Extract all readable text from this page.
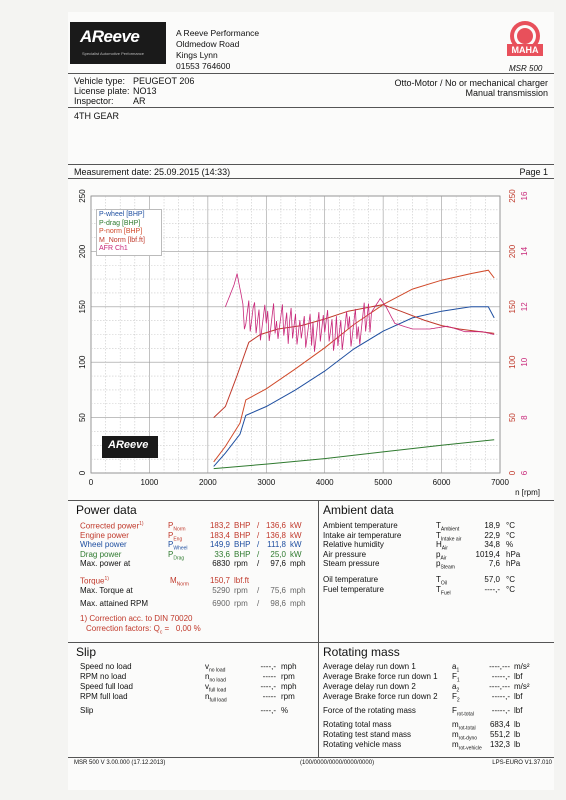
AReeve
Specialist Automotive Performance
A Reeve Performance
Oldmedow Road
Kings Lynn
01553 764600
MAHA
MSR 500
Vehicle type: PEUGEOT 206
License plate: NO13
Inspector: AR
Otto-Motor / No or mechanical charger
Manual transmission
4TH GEAR
Measurement date: 25.09.2015 (14:33)	Page 1
0	1000	2000	3000	4000	5000	6000	7000
n [rpm]
0
50
100
150
200
250
0
50
100
150
200
250
6
8
10
12
14
16
P-wheel [BHP]
P-drag [BHP]
P-norm [BHP]
M_Norm [lbf.ft]
AFR Ch1
AReeve
Power data
Corrected power$^{1)}$	$P_{Norm}$	183,2 BHP / 136,6 kW
Engine power	$P_{Eng}$	183,4 BHP / 136,8 kW
Wheel power	$P_{Wheel}$	149,9 BHP / 111,8 kW
Drag power	$P_{Drag}$	33,6 BHP /	25,0 kW
Max. power at	6830 rpm /	97,6 mph
Torque$^{1)}$	$M_{Norm}$	150,7 lbf.ft
Max. Torque at	5290 rpm /	75,6 mph
Max. attained RPM	6900 rpm /	98,6 mph
1) Correction acc. to DIN 70020
Correction factors: $Q_c = 0,00$ %
Ambient data
Ambient temperature	$T_{Ambient}$	18,9 °C
Intake air temperature	$T_{Intake air}$	22,9 °C
Relative humidity	$H_{Air}$	34,8 %
Air pressure	$p_{Air}$	1019,4 hPa
Steam pressure	$p_{Steam}$	7,6 hPa
Oil temperature	$T_{Oil}$	57,0 °C
Fuel temperature	$T_{Fuel}$	----,- °C
Slip
Speed no load	$v_{no load}$	----,- mph
RPM no load	$n_{no load}$	----- rpm
Speed full load	$v_{full load}$	----,- mph
RPM full load	$n_{full load}$	----- rpm
Slip	----,- %
Rotating mass
Average delay run down 1	$a_1$	----,--- m/s²
Average Brake force run down 1 $F_1$	-----,- lbf
Average delay run down 2	$a_2$	----,--- m/s²
Average Brake force run down 2 $F_2$	-----,- lbf
Force of the rotating mass	$F_{rot-total}$	-----,- lbf
Rotating total mass	$m_{rot-total}$	683,4 lb
Rotating test stand mass	$m_{rot-dyno}$	551,2 lb
Rotating vehicle mass	$m_{rot-vehicle}$	132,3 lb
MSR 500 V 3.00.000 (17.12.2013)	(100/0000/0000/0000/0000)	LPS-EURO V1.37.010
